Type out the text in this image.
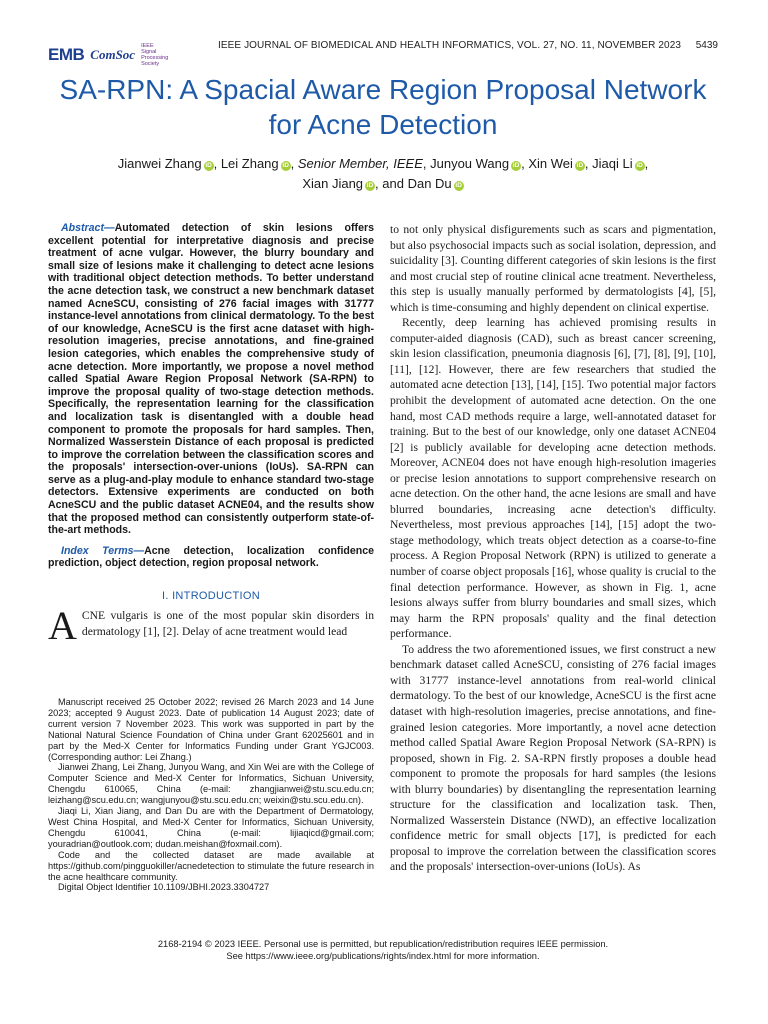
EMB ComSoc
IEEE Signal Processing Society
IEEE JOURNAL OF BIOMEDICAL AND HEALTH INFORMATICS, VOL. 27, NO. 11, NOVEMBER 2023 5439
SA-RPN: A Spacial Aware Region Proposal Network for Acne Detection
Jianwei Zhang iD , Lei Zhang iD , Senior Member, IEEE, Junyou Wang iD , Xin Wei iD , Jiaqi Li iD ,
Xian Jiang iD , and Dan Du iD

Abstract—Automated detection of skin lesions offers excellent potential for interpretative diagnosis and precise treatment of acne vulgar. However, the blurry boundary and small size of lesions make it challenging to detect acne lesions with traditional object detection methods. To better understand the acne detection task, we construct a new benchmark dataset named AcneSCU, consisting of 276 facial images with 31777 instance-level annotations from clinical dermatology. To the best of our knowledge, AcneSCU is the first acne dataset with high-resolution imageries, precise annotations, and fine-grained lesion categories, which enables the comprehensive study of acne detection. More importantly, we propose a novel method called Spatial Aware Region Proposal Network (SA-RPN) to improve the proposal quality of two-stage detection methods. Specifically, the representation learning for the classification and localization task is disentangled with a double head component to promote the proposals for hard samples. Then, Normalized Wasserstein Distance of each proposal is predicted to improve the correlation between the classification scores and the proposals' intersection-over-unions (IoUs). SA-RPN can serve as a plug-and-play module to enhance standard two-stage detectors. Extensive experiments are conducted on both AcneSCU and the public dataset ACNE04, and the results show that the proposed method can consistently outperform state-of-the-art methods.

Index Terms—Acne detection, localization confidence prediction, object detection, region proposal network.

I. INTRODUCTION

ACNE vulgaris is one of the most popular skin disorders in dermatology [1], [2]. Delay of acne treatment would lead

Manuscript received 25 October 2022; revised 26 March 2023 and 14 June 2023; accepted 9 August 2023. Date of publication 14 August 2023; date of current version 7 November 2023. This work was supported in part by the National Natural Science Foundation of China under Grant 62025601 and in part by the Med-X Center for Informatics Funding under Grant YGJC003. (Corresponding author: Lei Zhang.)

Jianwei Zhang, Lei Zhang, Junyou Wang, and Xin Wei are with the College of Computer Science and Med-X Center for Informatics, Sichuan University, Chengdu 610065, China (e-mail: zhangjianwei@stu.scu.edu.cn; leizhang@scu.edu.cn; wangjunyou@stu.scu.edu.cn; weixin@stu.scu.edu.cn).

Jiaqi Li, Xian Jiang, and Dan Du are with the Department of Dermatology, West China Hospital, and Med-X Center for Informatics, Sichuan University, Chengdu 610041, China (e-mail: lijiaqicd@gmail.com; youradrian@outlook.com; dudan.meishan@foxmail.com).

Code and the collected dataset are made available at https://github.com/pingguokiller/acnedetection to stimulate the future research in the acne healthcare community.

Digital Object Identifier 10.1109/JBHI.2023.3304727

to not only physical disfigurements such as scars and pigmentation, but also psychosocial impacts such as social isolation, depression, and suicidality [3]. Counting different categories of skin lesions is the first and most crucial step of routine clinical acne treatment. Nevertheless, this step is usually manually performed by dermatologists [4], [5], which is time-consuming and highly dependent on clinical expertise.

Recently, deep learning has achieved promising results in computer-aided diagnosis (CAD), such as breast cancer screening, skin lesion classification, pneumonia diagnosis [6], [7], [8], [9], [10], [11], [12]. However, there are few researchers that studied the automated acne detection [13], [14], [15]. Two potential major factors prohibit the development of automated acne detection. On the one hand, most CAD methods require a large, well-annotated dataset for training. But to the best of our knowledge, only one dataset ACNE04 [2] is publicly available for developing acne detection methods. Moreover, ACNE04 does not have enough high-resolution imageries or precise lesion annotations to support comprehensive research on acne detection. On the other hand, the acne lesions are small and have blurred boundaries, increasing acne detection's difficulty. Nevertheless, most previous approaches [14], [15] adopt the two-stage methodology, which treats object detection as a coarse-to-fine process. A Region Proposal Network (RPN) is utilized to generate a number of coarse object proposals [16], whose quality is crucial to the final detection performance. However, as shown in Fig. 1, acne lesions always suffer from blurry boundaries and small sizes, which may harm the RPN proposals' quality and the final detection performance.

To address the two aforementioned issues, we first construct a new benchmark dataset called AcneSCU, consisting of 276 facial images with 31777 instance-level annotations from real-world clinical dermatology. To the best of our knowledge, AcneSCU is the first acne dataset with high-resolution imageries, precise annotations, and fine-grained lesion categories. More importantly, a novel acne detection method called Spatial Aware Region Proposal Network (SA-RPN) is proposed, shown in Fig. 2. SA-RPN firstly proposes a double head component to promote the proposals for hard samples (the lesions with blurry boundaries) by disentangling the representation learning structure for the classification and localization task. Then, Normalized Wasserstein Distance (NWD), an effective localization confidence metric for small objects [17], is predicted for each proposal to improve the correlation between the classification scores and the proposals' intersection-over-unions (IoUs). As

2168-2194 © 2023 IEEE. Personal use is permitted, but republication/redistribution requires IEEE permission.
See https://www.ieee.org/publications/rights/index.html for more information.
